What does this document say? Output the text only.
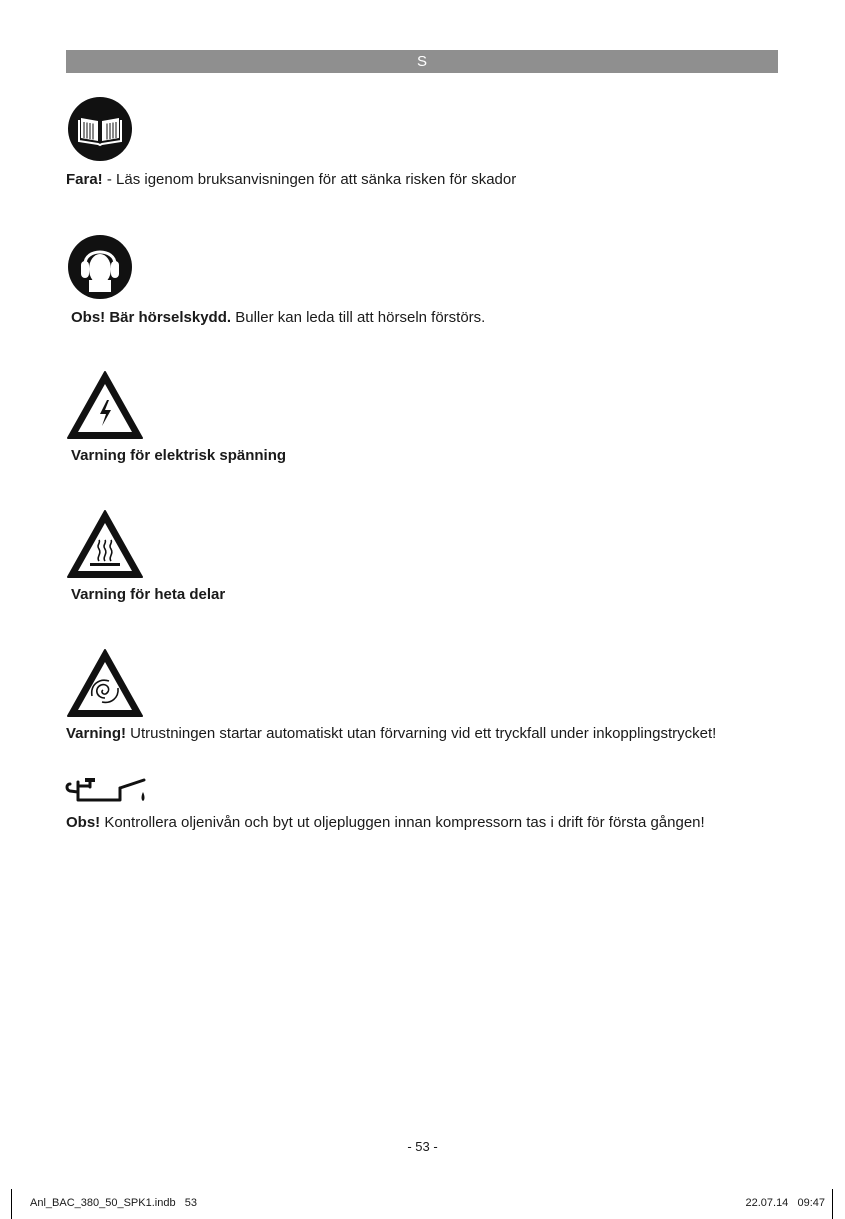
S
Fara! - Läs igenom bruksanvisningen för att sänka risken för skador
Obs! Bär hörselskydd. Buller kan leda till att hörseln förstörs.
Varning för elektrisk spänning
Varning för heta delar
Varning! Utrustningen startar automatiskt utan förvarning vid ett tryckfall under inkopplingstrycket!
Obs! Kontrollera oljenivån och byt ut oljepluggen innan kompressorn tas i drift för första gången!
- 53 -
Anl_BAC_380_50_SPK1.indb   53	22.07.14   09:47
